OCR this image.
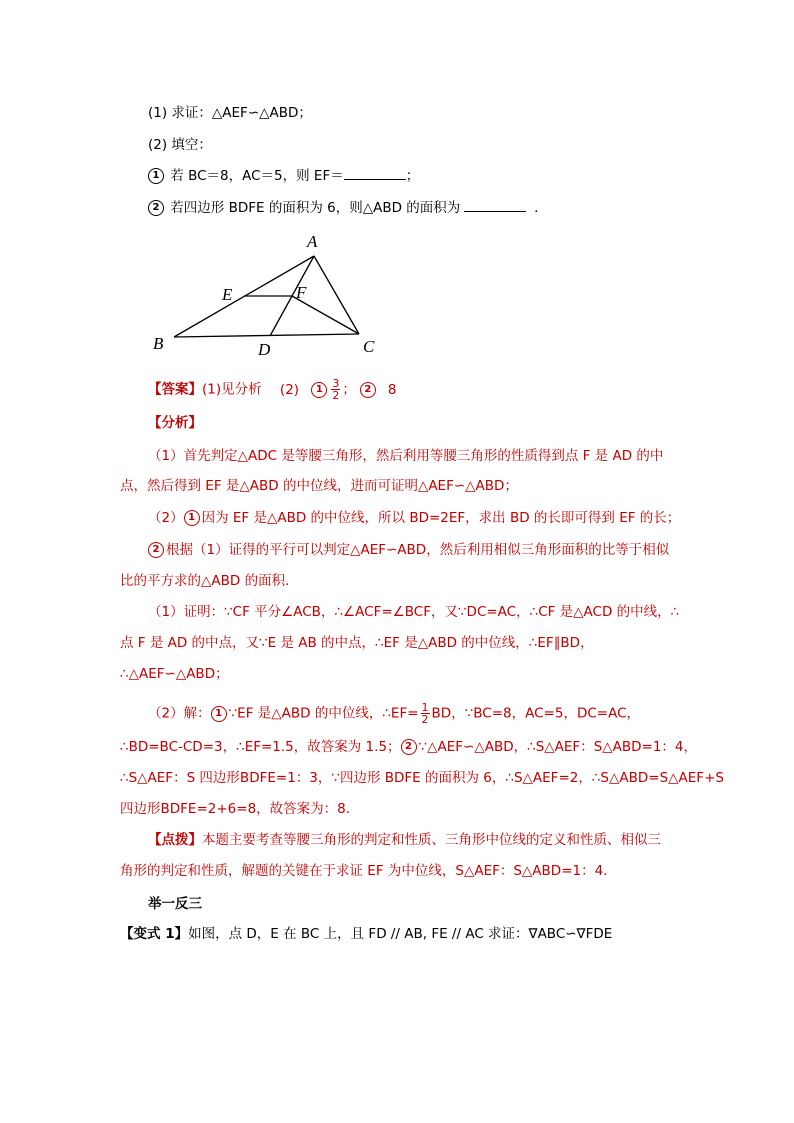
(1) 求证：△AEF∽△ABD；
(2) 填空：
1 若 BC＝8，AC＝5，则 EF＝	；
2 若四边形 BDFE 的面积为 6，则△ABD 的面积为	．
A
B	C
D
E	F
【答案】(1)见分析 (2) $1 \frac{3}{2}$ ； 2 8
【分析】
（1）首先判定△ADC 是等腰三角形，然后利用等腰三角形的性质得到点 F 是 AD 的中
点，然后得到 EF 是△ABD 的中位线，进而可证明△AEF∽△ABD；
（2） 1 因为 EF 是△ABD 的中位线，所以 BD=2EF，求出 BD 的长即可得到 EF 的长；
2 根据（1）证得的平行可以判定△AEF∽ABD，然后利用相似三角形面积的比等于相似
比的平方求的△ABD 的面积．
（1）证明：∵CF 平分∠ACB，∴∠ACF=∠BCF，又∵DC=AC，∴CF 是△ACD 的中线，∴
点 F 是 AD 的中点，又∵E 是 AB 的中点，∴EF 是△ABD 的中位线，∴EF∥BD，
∴△AEF∽△ABD；
（2）解： 1 ∵EF 是△ABD 的中位线，∴EF= $\frac{1}{2}$ BD，∵BC=8，AC=5，DC=AC，
∴BD=BC-CD=3，∴EF=1.5，故答案为 1.5； 2 ∵△AEF∽△ABD，∴S△AEF：S△ABD=1：4，
∴S△AEF：S 四边形BDFE=1：3，∵四边形 BDFE 的面积为 6，∴S△AEF=2，∴S△ABD=S△AEF+S
四边形BDFE=2+6=8，故答案为：8．
【点拨】本题主要考查等腰三角形的判定和性质、三角形中位线的定义和性质、相似三
角形的判定和性质，解题的关键在于求证 EF 为中位线，S△AEF：S△ABD=1：4．
举一反三
【变式 1】如图，点 D，E 在 BC 上，且 FD // AB, FE // AC 求证：∇ABC∽∇FDE
